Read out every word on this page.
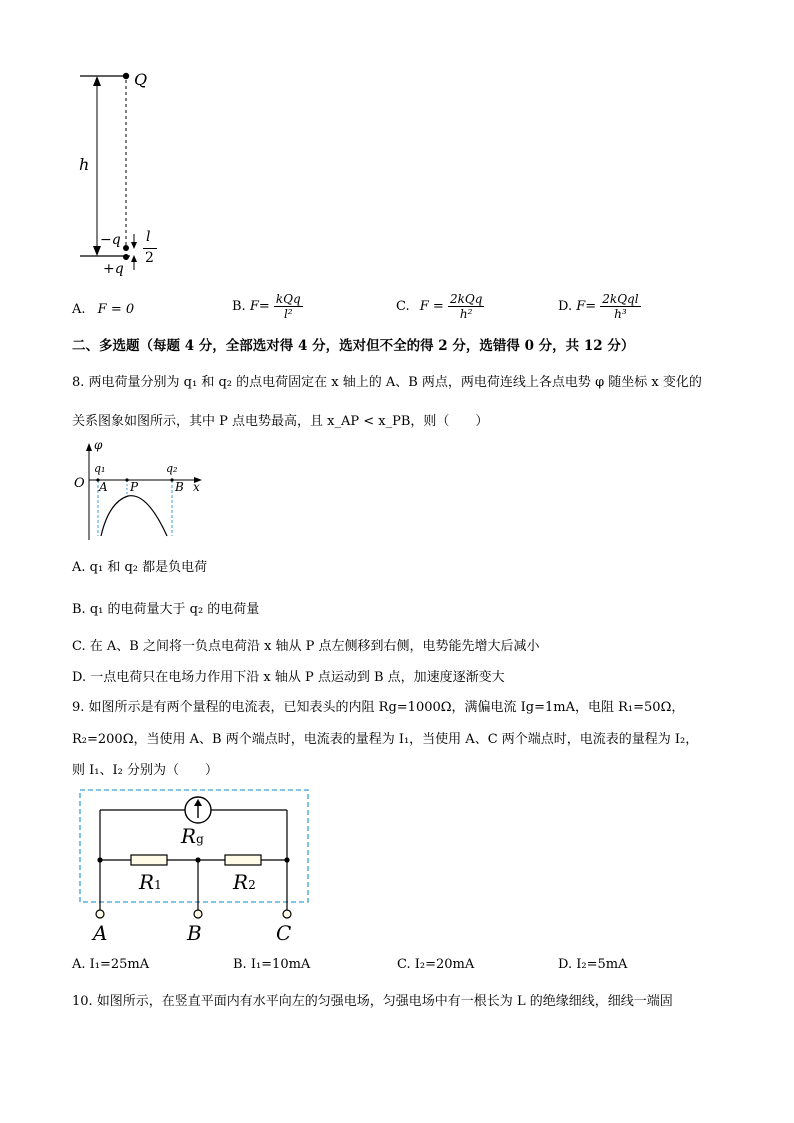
Q
h
−q
+q
l
2
A. F = 0	B. $F= \frac{\text{kQq}}{\text{l²}}$	C. $F = \frac{\text{2kQq}}{\text{h²}}$	D. $F= \frac{\text{2kQql}}{\text{h³}}$
二、多选题（每题 4 分，全部选对得 4 分，选对但不全的得 2 分，选错得 0 分，共 12 分）
8. 两电荷量分别为 q₁ 和 q₂ 的点电荷固定在 x 轴上的 A、B 两点，两电荷连线上各点电势 φ 随坐标 x 变化的
关系图象如图所示，其中 P 点电势最高，且 x_AP < x_PB，则（　　）
φ
O
q₁	q₂
A P	B x
A. q₁ 和 q₂ 都是负电荷
B. q₁ 的电荷量大于 q₂ 的电荷量
C. 在 A、B 之间将一负点电荷沿 x 轴从 P 点左侧移到右侧，电势能先增大后减小
D. 一点电荷只在电场力作用下沿 x 轴从 P 点运动到 B 点，加速度逐渐变大
9. 如图所示是有两个量程的电流表，已知表头的内阻 Rg=1000Ω，满偏电流 Ig=1mA，电阻 R₁=50Ω，
R₂=200Ω，当使用 A、B 两个端点时，电流表的量程为 I₁，当使用 A、C 两个端点时，电流表的量程为 I₂，
则 I₁、I₂ 分别为（　　）
Rg
R1	R2
A	B	C
A. I₁=25mA	B. I₁=10mA	C. I₂=20mA	D. I₂=5mA
10. 如图所示，在竖直平面内有水平向左的匀强电场，匀强电场中有一根长为 L 的绝缘细线，细线一端固
